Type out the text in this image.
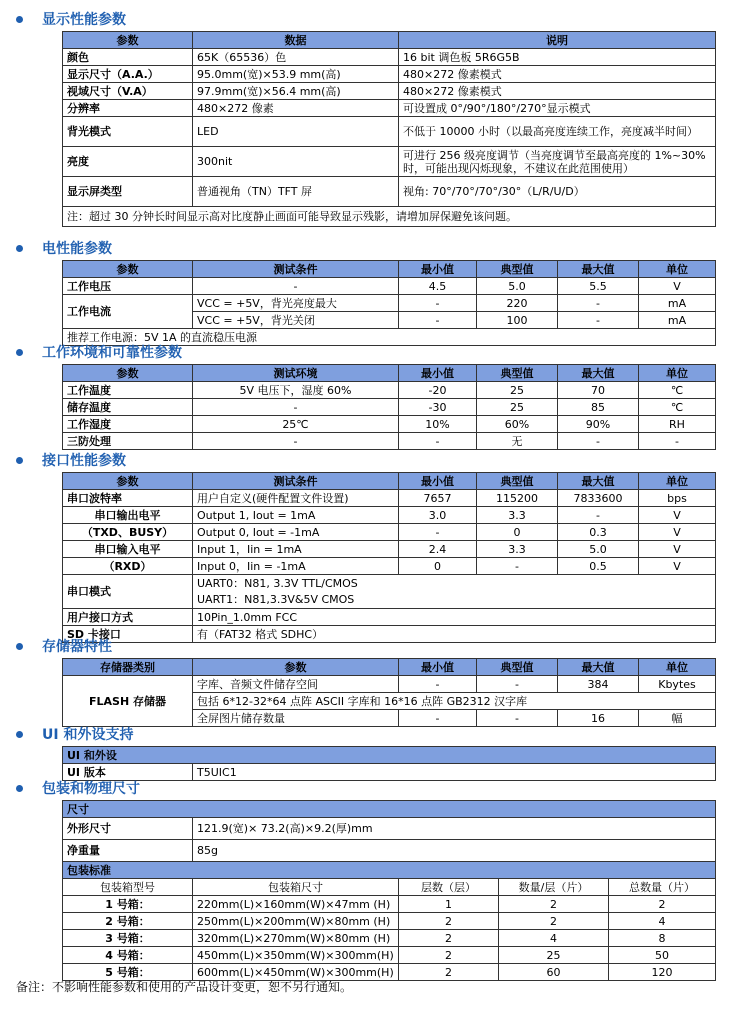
显示性能参数
参数	数据	说明
颜色	65K（65536）色	16 bit 调色板 5R6G5B
显示尺寸（A.A.）	95.0mm(宽)×53.9 mm(高)	480×272 像素模式
视域尺寸（V.A）	97.9mm(宽)×56.4 mm(高)	480×272 像素模式
分辨率	480×272 像素	可设置成 0°/90°/180°/270°显示模式
背光模式	LED	不低于 10000 小时（以最高亮度连续工作，亮度减半时间）
亮度	300nit	可进行 256 级亮度调节（当亮度调节至最高亮度的 1%~30%时，可能出现闪烁现象，不建议在此范围使用）
显示屏类型	普通视角（TN）TFT 屏	视角: 70°/70°/70°/30°（L/R/U/D）
注：超过 30 分钟长时间显示高对比度静止画面可能导致显示残影，请增加屏保避免该问题。		
电性能参数
参数	测试条件	最小值	典型值	最大值	单位
工作电压	-	4.5	5.0	5.5	V
工作电流	VCC = +5V，背光亮度最大	-	220	-	mA
	VCC = +5V，背光关闭	-	100	-	mA
推荐工作电源：5V 1A 的直流稳压电源					
工作环境和可靠性参数
参数	测试环境	最小值	典型值	最大值	单位
工作温度	5V 电压下，湿度 60%	-20	25	70	℃
储存温度	-	-30	25	85	℃
工作湿度	25℃	10%	60%	90%	RH
三防处理	-	-	无	-	-
接口性能参数
参数	测试条件	最小值	典型值	最大值	单位
串口波特率	用户自定义(硬件配置文件设置)	7657	115200	7833600	bps
串口输出电平	Output 1, Iout = 1mA	3.0	3.3	-	V
（TXD、BUSY）	Output 0, Iout = -1mA	-	0	0.3	V
串口输入电平	Input 1，Iin = 1mA	2.4	3.3	5.0	V
（RXD）	Input 0，Iin = -1mA	0	-	0.5	V
串口模式	UART0：N81, 3.3V TTL/CMOS
UART1：N81,3.3V&5V CMOS				

用户接口方式	10Pin_1.0mm FCC				
SD 卡接口	有（FAT32 格式 SDHC）				
存储器特性
存储器类别	参数	最小值	典型值	最大值	单位
FLASH 存储器	字库、音频文件储存空间	-	-	384	Kbytes
	包括 6*12-32*64 点阵 ASCII 字库和 16*16 点阵 GB2312 汉字库				
	全屏图片储存数量	-	-	16	幅
UI 和外设支持
UI 和外设
UI 版本	T5UIC1
包装和物理尺寸
尺寸				
外形尺寸	121.9(宽)× 73.2(高)×9.2(厚)mm			
净重量	85g			
包装标准				
包装箱型号	包装箱尺寸	层数（层）	数量/层（片）	总数量（片）
1 号箱：	220mm(L)×160mm(W)×47mm (H)	1	2	2
2 号箱：	250mm(L)×200mm(W)×80mm (H)	2	2	4
3 号箱：	320mm(L)×270mm(W)×80mm (H)	2	4	8
4 号箱：	450mm(L)×350mm(W)×300mm(H)	2	25	50
5 号箱：	600mm(L)×450mm(W)×300mm(H)	2	60	120
备注：不影响性能参数和使用的产品设计变更，恕不另行通知。
